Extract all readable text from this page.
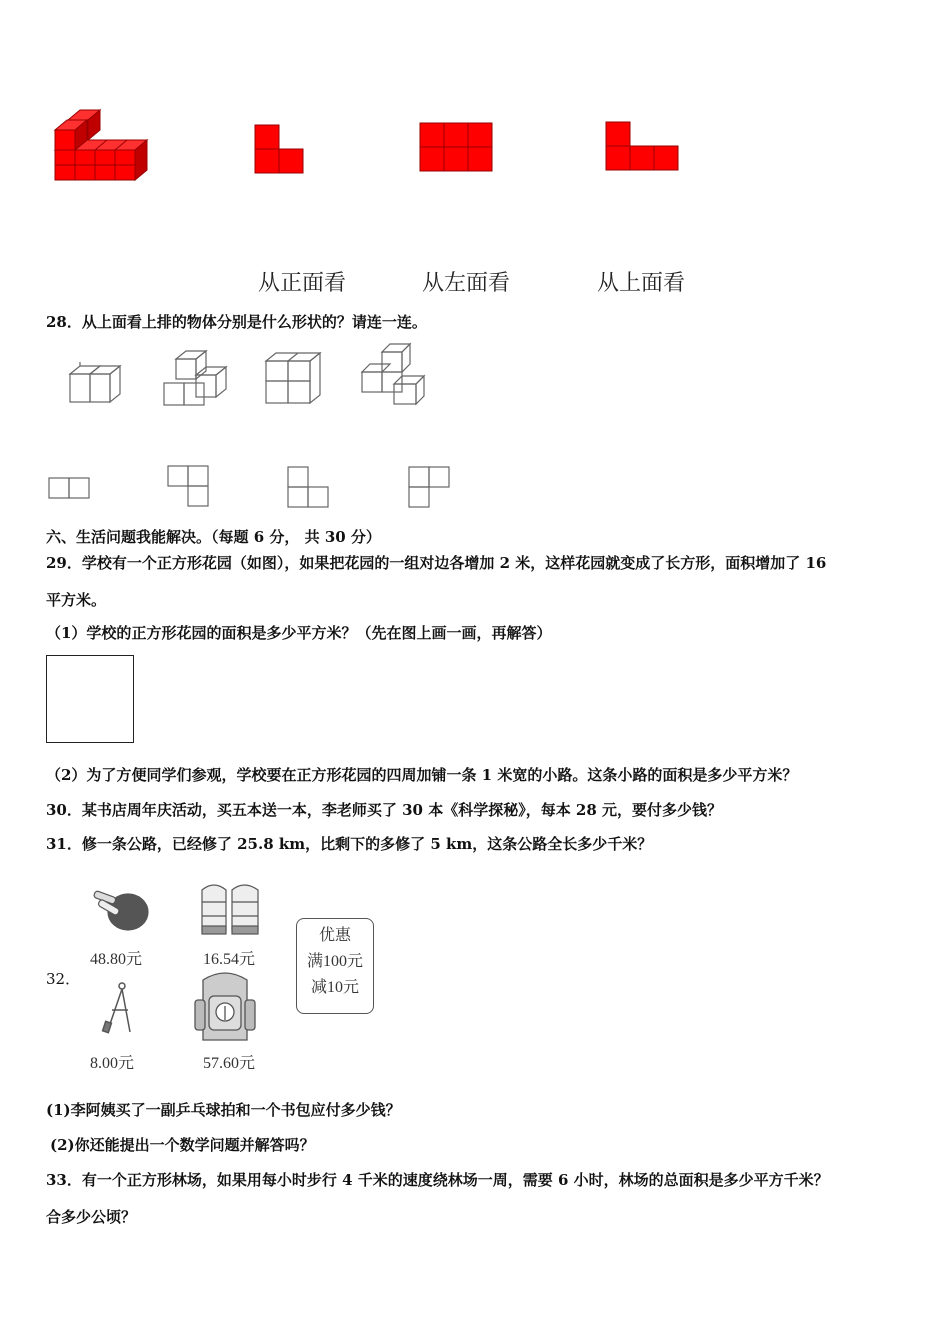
从正面看	从左面看	从上面看
28．从上面看上排的物体分别是什么形状的？请连一连。
六、生活问题我能解决。（每题 6 分， 共 30 分）
29．学校有一个正方形花园（如图），如果把花园的一组对边各增加 2 米，这样花园就变成了长方形，面积增加了 16
平方米。
（1）学校的正方形花园的面积是多少平方米？（先在图上画一画，再解答）
（2）为了方便同学们参观，学校要在正方形花园的四周加铺一条 1 米宽的小路。这条小路的面积是多少平方米？
30．某书店周年庆活动，买五本送一本，李老师买了 30 本《科学探秘》，每本 28 元，要付多少钱？
31．修一条公路，已经修了 25.8 km，比剩下的多修了 5 km，这条公路全长多少千米？
32．
48.80元	16.54元
优惠
满100元
减10元
8.00元	57.60元
(1)李阿姨买了一副乒乓球拍和一个书包应付多少钱？
(2)你还能提出一个数学问题并解答吗？
33．有一个正方形林场，如果用每小时步行 4 千米的速度绕林场一周，需要 6 小时，林场的总面积是多少平方千米？
合多少公顷？
